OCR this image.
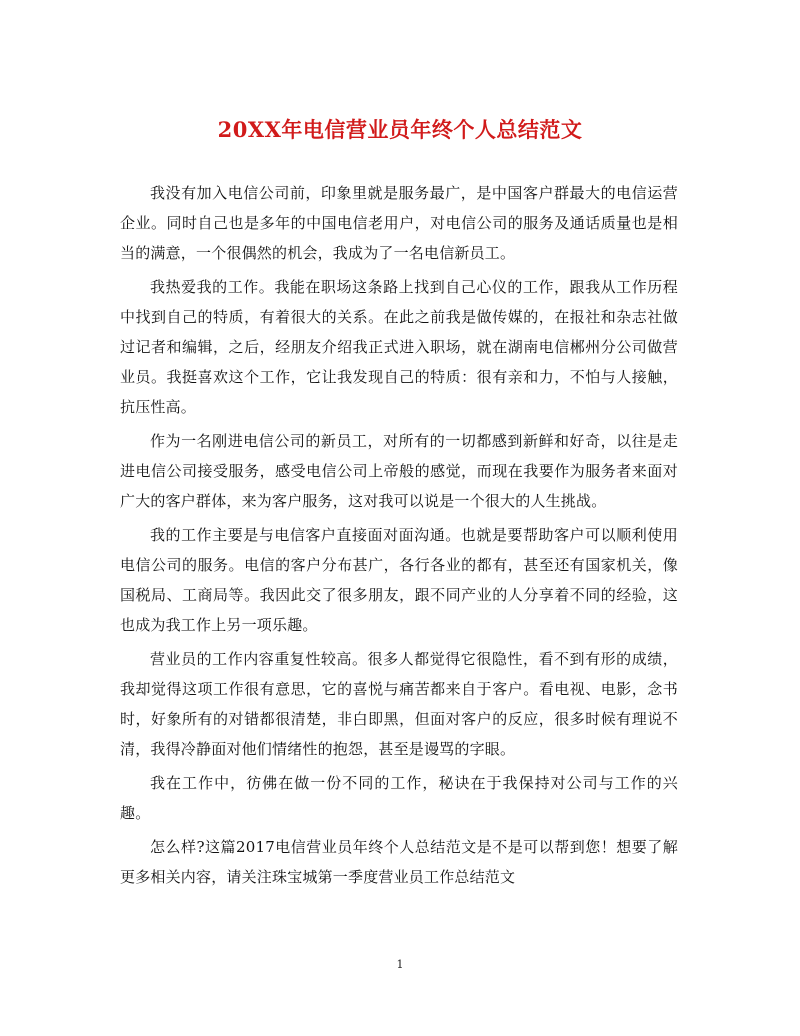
20XX年电信营业员年终个人总结范文

我没有加入电信公司前，印象里就是服务最广，是中国客户群最大的电信运营企业。同时自己也是多年的中国电信老用户，对电信公司的服务及通话质量也是相当的满意，一个很偶然的机会，我成为了一名电信新员工。

我热爱我的工作。我能在职场这条路上找到自己心仪的工作，跟我从工作历程中找到自己的特质，有着很大的关系。在此之前我是做传媒的，在报社和杂志社做过记者和编辑，之后，经朋友介绍我正式进入职场，就在湖南电信郴州分公司做营业员。我挺喜欢这个工作，它让我发现自己的特质：很有亲和力，不怕与人接触，抗压性高。

作为一名刚进电信公司的新员工，对所有的一切都感到新鲜和好奇，以往是走进电信公司接受服务，感受电信公司上帝般的感觉，而现在我要作为服务者来面对广大的客户群体，来为客户服务，这对我可以说是一个很大的人生挑战。

我的工作主要是与电信客户直接面对面沟通。也就是要帮助客户可以顺利使用电信公司的服务。电信的客户分布甚广，各行各业的都有，甚至还有国家机关，像国税局、工商局等。我因此交了很多朋友，跟不同产业的人分享着不同的经验，这也成为我工作上另一项乐趣。

营业员的工作内容重复性较高。很多人都觉得它很隐性，看不到有形的成绩，我却觉得这项工作很有意思，它的喜悦与痛苦都来自于客户。看电视、电影，念书时，好象所有的对错都很清楚，非白即黑，但面对客户的反应，很多时候有理说不清，我得冷静面对他们情绪性的抱怨，甚至是谩骂的字眼。

我在工作中，彷佛在做一份不同的工作，秘诀在于我保持对公司与工作的兴趣。

怎么样?这篇2017电信营业员年终个人总结范文是不是可以帮到您！想要了解更多相关内容，请关注珠宝城第一季度营业员工作总结范文

1
